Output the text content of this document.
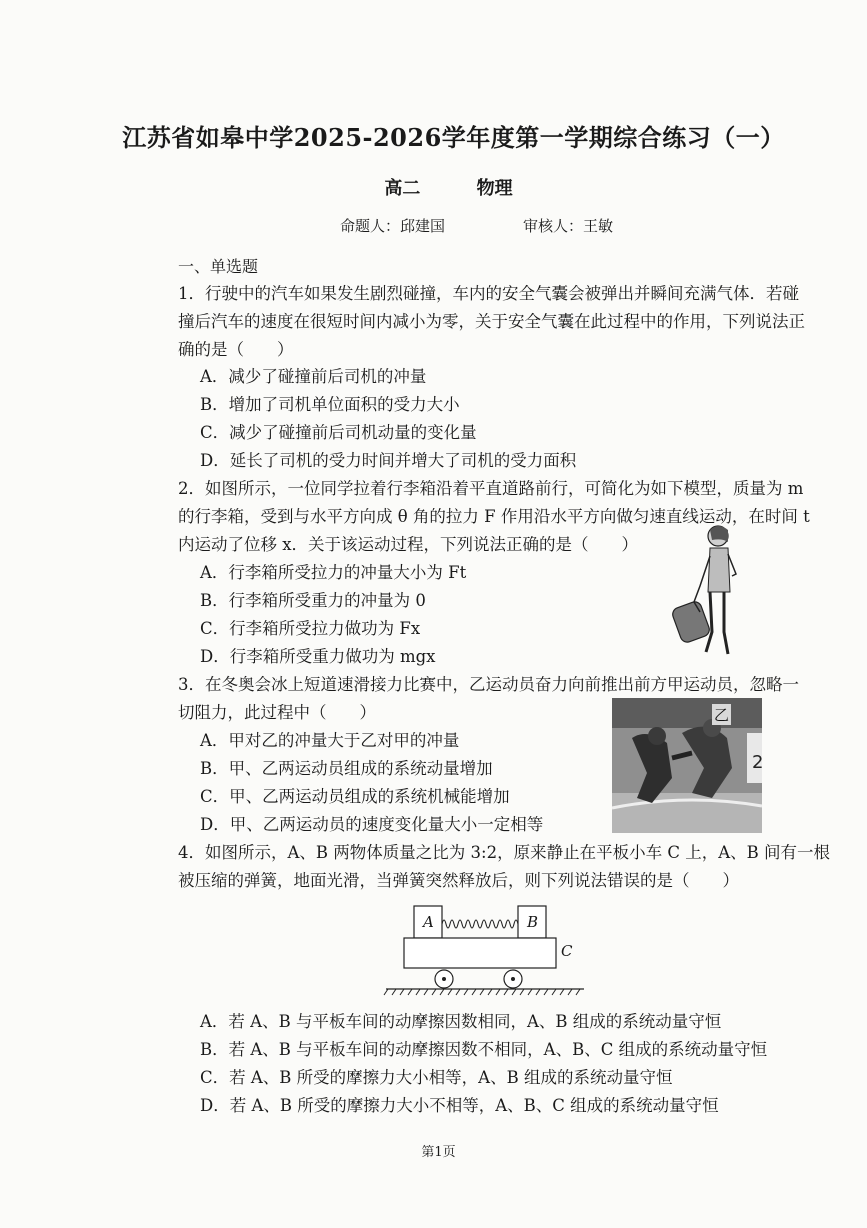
江苏省如皋中学2025-2026学年度第一学期综合练习（一）
高二	物理
命题人：邱建国	审核人：王敏
一、单选题
1．行驶中的汽车如果发生剧烈碰撞，车内的安全气囊会被弹出并瞬间充满气体．若碰
撞后汽车的速度在很短时间内减小为零，关于安全气囊在此过程中的作用，下列说法正
确的是（　　）
A．减少了碰撞前后司机的冲量
B．增加了司机单位面积的受力大小
C．减少了碰撞前后司机动量的变化量
D．延长了司机的受力时间并增大了司机的受力面积
2．如图所示，一位同学拉着行李箱沿着平直道路前行，可简化为如下模型，质量为 m
的行李箱，受到与水平方向成 θ 角的拉力 F 作用沿水平方向做匀速直线运动，在时间 t
内运动了位移 x．关于该运动过程，下列说法正确的是（　　）
A．行李箱所受拉力的冲量大小为 Ft
B．行李箱所受重力的冲量为 0
C．行李箱所受拉力做功为 Fx
D．行李箱所受重力做功为 mgx
3．在冬奥会冰上短道速滑接力比赛中，乙运动员奋力向前推出前方甲运动员，忽略一
切阻力，此过程中（　　）
A．甲对乙的冲量大于乙对甲的冲量
B．甲、乙两运动员组成的系统动量增加
C．甲、乙两运动员组成的系统机械能增加
D．甲、乙两运动员的速度变化量大小一定相等
2
乙
4．如图所示，A、B 两物体质量之比为 3:2，原来静止在平板小车 C 上，A、B 间有一根
被压缩的弹簧，地面光滑，当弹簧突然释放后，则下列说法错误的是（　　）
A	B
C
A．若 A、B 与平板车间的动摩擦因数相同，A、B 组成的系统动量守恒
B．若 A、B 与平板车间的动摩擦因数不相同，A、B、C 组成的系统动量守恒
C．若 A、B 所受的摩擦力大小相等，A、B 组成的系统动量守恒
D．若 A、B 所受的摩擦力大小不相等，A、B、C 组成的系统动量守恒
第1页
